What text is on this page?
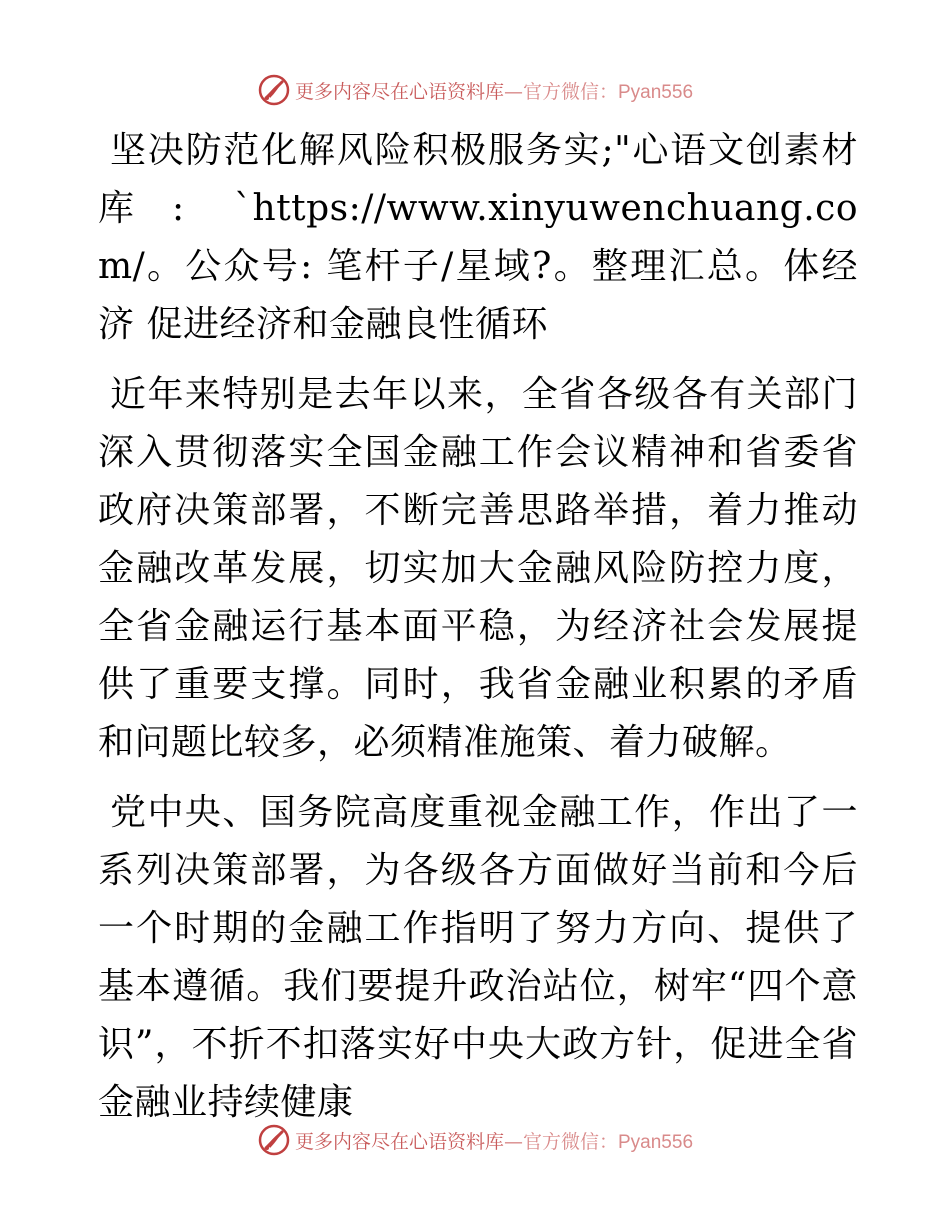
更多内容尽在心语资料库—官方微信：Pyan556

坚决防范化解风险积极服务实;"心语文创素材库: `https://www.xinyuwenchuang.com/。公众号: 笔杆子/星域?。整理汇总。体经济 促进经济和金融良性循环

近年来特别是去年以来，全省各级各有关部门深入贯彻落实全国金融工作会议精神和省委省政府决策部署，不断完善思路举措，着力推动金融改革发展，切实加大金融风险防控力度，全省金融运行基本面平稳，为经济社会发展提供了重要支撑。同时，我省金融业积累的矛盾和问题比较多，必须精准施策、着力破解。

党中央、国务院高度重视金融工作，作出了一系列决策部署，为各级各方面做好当前和今后一个时期的金融工作指明了努力方向、提供了基本遵循。我们要提升政治站位，树牢“四个意识”，不折不扣落实好中央大政方针，促进全省金融业持续健康

更多内容尽在心语资料库—官方微信：Pyan556
